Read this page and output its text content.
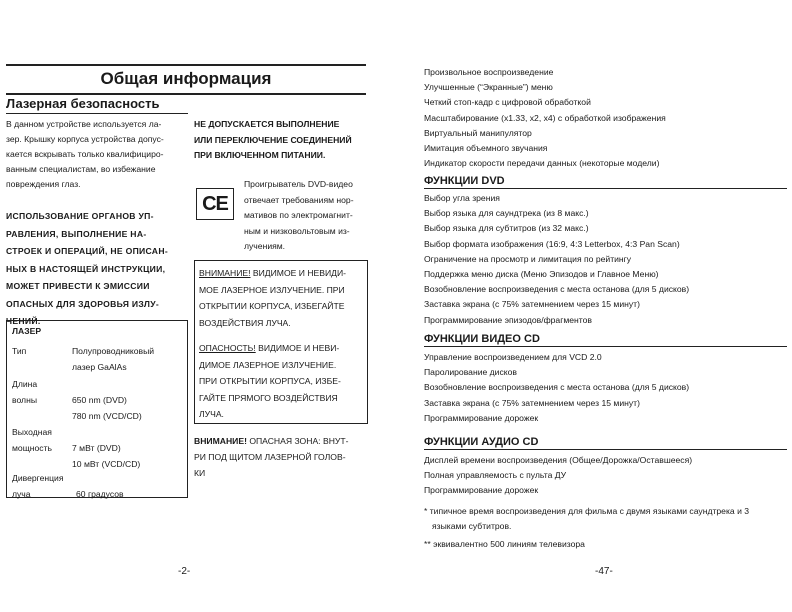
Общая информация
Лазерная безопасность
В данном устройстве используется ла-
зер. Крышку корпуса устройства допус-
кается вскрывать только квалифициро-
ванным специалистам, во избежание
повреждения глаз.
ИСПОЛЬЗОВАНИЕ ОРГАНОВ УП-
РАВЛЕНИЯ, ВЫПОЛНЕНИЕ НА-
СТРОЕК И ОПЕРАЦИЙ, НЕ ОПИСАН-
НЫХ В НАСТОЯЩЕЙ ИНСТРУКЦИИ,
МОЖЕТ ПРИВЕСТИ К ЭМИССИИ
ОПАСНЫХ ДЛЯ ЗДОРОВЬЯ ИЗЛУ-
ЧЕНИЙ.
ЛАЗЕР
Тип	Полупроводниковый
лазер GaAlAs
Длина
волны	650 nm (DVD)
780 nm (VCD/CD)
Выходная
мощность 7 мВт (DVD)
10 мВт (VCD/CD)
Дивергенция
луча	60 градусов
НЕ ДОПУСКАЕТСЯ ВЫПОЛНЕНИЕ
ИЛИ ПЕРЕКЛЮЧЕНИЕ СОЕДИНЕНИЙ
ПРИ ВКЛЮЧЕННОМ ПИТАНИИ.
CE
Проигрыватель DVD-видео
отвечает требованиям нор-
мативов по электромагнит-
ным и низковольтовым из-
лучениям.
ВНИМАНИЕ! ВИДИМОЕ И НЕВИДИ-
МОЕ ЛАЗЕРНОЕ ИЗЛУЧЕНИЕ. ПРИ
ОТКРЫТИИ КОРПУСА, ИЗБЕГАЙТЕ
ВОЗДЕЙСТВИЯ ЛУЧА.
ОПАСНОСТЬ! ВИДИМОЕ И НЕВИ-
ДИМОЕ ЛАЗЕРНОЕ ИЗЛУЧЕНИЕ.
ПРИ ОТКРЫТИИ КОРПУСА, ИЗБЕ-
ГАЙТЕ ПРЯМОГО ВОЗДЕЙСТВИЯ
ЛУЧА.
ВНИМАНИЕ! ОПАСНАЯ ЗОНА: ВНУТ-
РИ ПОД ЩИТОМ ЛАЗЕРНОЙ ГОЛОВ-
КИ
-2-
Произвольное воспроизведение
Улучшенные (“Экранные”) меню
Четкий стоп-кадр с цифровой обработкой
Масштабирование (x1.33, x2, x4) с обработкой изображения
Виртуальный манипулятор
Имитация объемного звучания
Индикатор скорости передачи данных (некоторые модели)
ФУНКЦИИ DVD
Выбор угла зрения
Выбор языка для саундтрека (из 8 макс.)
Выбор языка для субтитров (из 32 макс.)
Выбор формата изображения (16:9, 4:3 Letterbox, 4:3 Pan Scan)
Ограничение на просмотр и лимитация по рейтингу
Поддержка меню диска (Меню Эпизодов и Главное Меню)
Возобновление воспроизведения с места останова (для 5 дисков)
Заставка экрана (с 75% затемнением через 15 минут)
Программирование эпизодов/фрагментов
ФУНКЦИИ ВИДЕО CD
Управление воспроизведением для VCD 2.0
Паролирование дисков
Возобновление воспроизведения с места останова (для 5 дисков)
Заставка экрана (с 75% затемнением через 15 минут)
Программирование дорожек
ФУНКЦИИ АУДИО CD
Дисплей времени воспроизведения (Общее/Дорожка/Оставшееся)
Полная управляемость с пульта ДУ
Программирование дорожек
* типичное время воспроизведения для фильма с двумя языками саундтрека и 3
языками субтитров.
** эквивалентно 500 линиям телевизора
-47-
